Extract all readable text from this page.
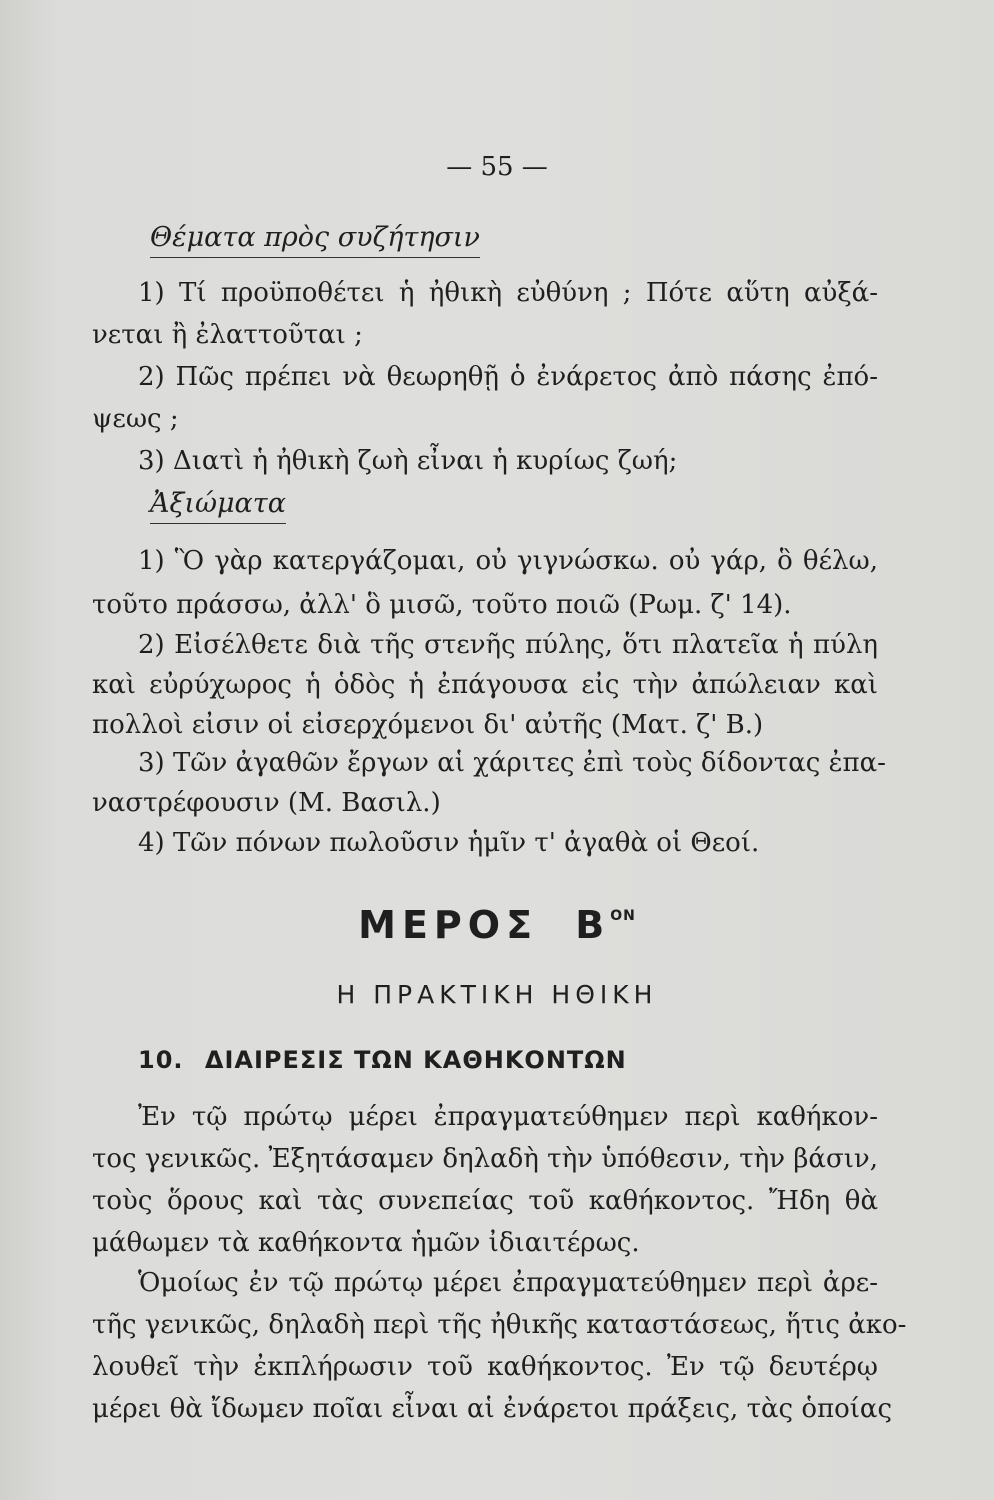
— 55 —
Θέματα πρὸς συζήτησιν
1) Τί προϋποθέτει ἡ ἠθικὴ εὐθύνη ; Πότε αὕτη αὐξά-
νεται ἢ ἐλαττοῦται ;
2) Πῶς πρέπει νὰ θεωρηθῇ ὁ ἐνάρετος ἀπὸ πάσης ἐπό-
ψεως ;
3) Διατὶ ἡ ἠθικὴ ζωὴ εἶναι ἡ κυρίως ζωή;
Ἀξιώματα
1) Ὃ γὰρ κατεργάζομαι, οὐ γιγνώσκω. οὐ γάρ, ὃ θέλω,
τοῦτο πράσσω, ἀλλ' ὃ μισῶ, τοῦτο ποιῶ (Ρωμ. ζ' 14).
2) Εἰσέλθετε διὰ τῆς στενῆς πύλης, ὅτι πλατεῖα ἡ πύλη
καὶ εὐρύχωρος ἡ ὁδὸς ἡ ἐπάγουσα εἰς τὴν ἀπώλειαν καὶ
πολλοὶ εἰσιν οἱ εἰσερχόμενοι δι' αὐτῆς (Ματ. ζ' Β.)
3) Τῶν ἀγαθῶν ἔργων αἱ χάριτες ἐπὶ τοὺς δίδοντας ἐπα-
ναστρέφουσιν (Μ. Βασιλ.)
4) Τῶν πόνων πωλοῦσιν ἡμῖν τ' ἀγαθὰ οἱ Θεοί.
ΜΕΡΟΣ $B^{ON}$
Η ΠΡΑΚΤΙΚΗ ΗΘΙΚΗ
10. ΔΙΑΙΡΕΣΙΣ ΤΩΝ ΚΑΘΗΚΟΝΤΩΝ
Ἐν τῷ πρώτῳ μέρει ἐπραγματεύθημεν περὶ καθήκον-
τος γενικῶς. Ἐξητάσαμεν δηλαδὴ τὴν ὑπόθεσιν, τὴν βάσιν,
τοὺς ὅρους καὶ τὰς συνεπείας τοῦ καθήκοντος. Ἤδη θὰ
μάθωμεν τὰ καθήκοντα ἡμῶν ἰδιαιτέρως.
Ὁμοίως ἐν τῷ πρώτῳ μέρει ἐπραγματεύθημεν περὶ ἀρε-
τῆς γενικῶς, δηλαδὴ περὶ τῆς ἠθικῆς καταστάσεως, ἥτις ἀκο-
λουθεῖ τὴν ἐκπλήρωσιν τοῦ καθήκοντος. Ἐν τῷ δευτέρῳ
μέρει θὰ ἴδωμεν ποῖαι εἶναι αἱ ἐνάρετοι πράξεις, τὰς ὁποίας
